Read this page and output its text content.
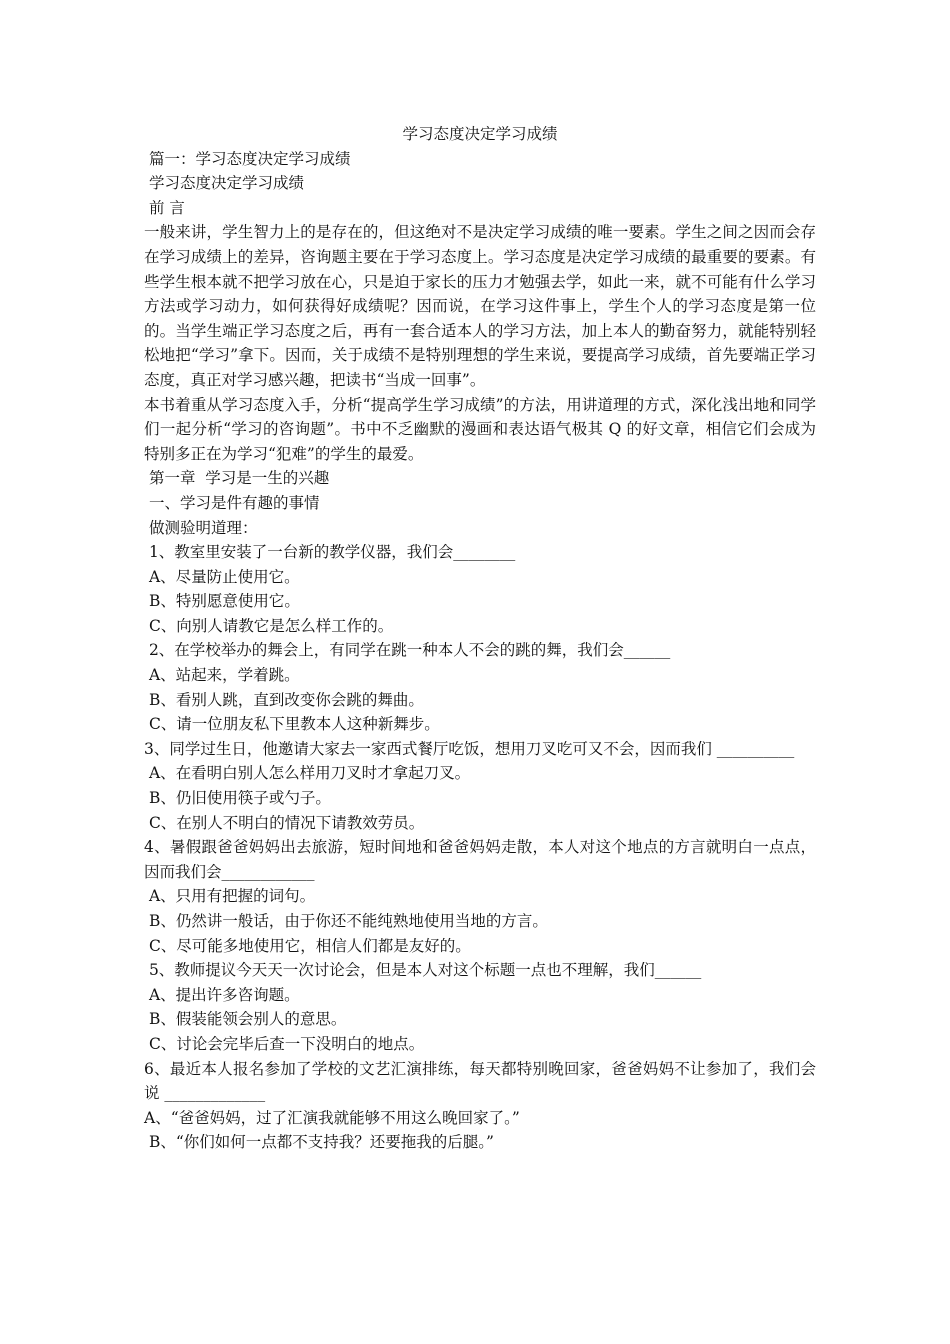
学习态度决定学习成绩

篇一：学习态度决定学习成绩

学习态度决定学习成绩

前 言

一般来讲，学生智力上的是存在的，但这绝对不是决定学习成绩的唯一要素。学生之间之因而会存在学习成绩上的差异，咨询题主要在于学习态度上。学习态度是决定学习成绩的最重要的要素。有些学生根本就不把学习放在心，只是迫于家长的压力才勉强去学，如此一来，就不可能有什么学习方法或学习动力，如何获得好成绩呢？因而说，在学习这件事上，学生个人的学习态度是第一位的。当学生端正学习态度之后，再有一套合适本人的学习方法，加上本人的勤奋努力，就能特别轻松地把“学习”拿下。因而，关于成绩不是特别理想的学生来说，要提高学习成绩，首先要端正学习态度，真正对学习感兴趣，把读书“当成一回事”。

本书着重从学习态度入手，分析“提高学生学习成绩”的方法，用讲道理的方式，深化浅出地和同学们一起分析“学习的咨询题”。书中不乏幽默的漫画和表达语气极其 Q 的好文章，相信它们会成为特别多正在为学习“犯难”的学生的最爱。

第一章  学习是一生的兴趣

一、学习是件有趣的事情

做测验明道理：

1、教室里安装了一台新的教学仪器，我们会________

A、尽量防止使用它。

B、特别愿意使用它。

C、向别人请教它是怎么样工作的。

2、在学校举办的舞会上，有同学在跳一种本人不会的跳的舞，我们会______

A、站起来，学着跳。

B、看别人跳，直到改变你会跳的舞曲。

C、请一位朋友私下里教本人这种新舞步。

3、同学过生日，他邀请大家去一家西式餐厅吃饭，想用刀叉吃可又不会，因而我们 __________

A、在看明白别人怎么样用刀叉时才拿起刀叉。

B、仍旧使用筷子或勺子。

C、在别人不明白的情况下请教效劳员。

4、暑假跟爸爸妈妈出去旅游，短时间地和爸爸妈妈走散，本人对这个地点的方言就明白一点点，因而我们会____________

A、只用有把握的词句。

B、仍然讲一般话，由于你还不能纯熟地使用当地的方言。

C、尽可能多地使用它，相信人们都是友好的。

5、教师提议今天天一次讨论会，但是本人对这个标题一点也不理解，我们______

A、提出许多咨询题。

B、假装能领会别人的意思。

C、讨论会完毕后查一下没明白的地点。

6、最近本人报名参加了学校的文艺汇演排练，每天都特别晚回家，爸爸妈妈不让参加了，我们会说 _____________

A、“爸爸妈妈，过了汇演我就能够不用这么晚回家了。”

B、“你们如何一点都不支持我？还要拖我的后腿。”
